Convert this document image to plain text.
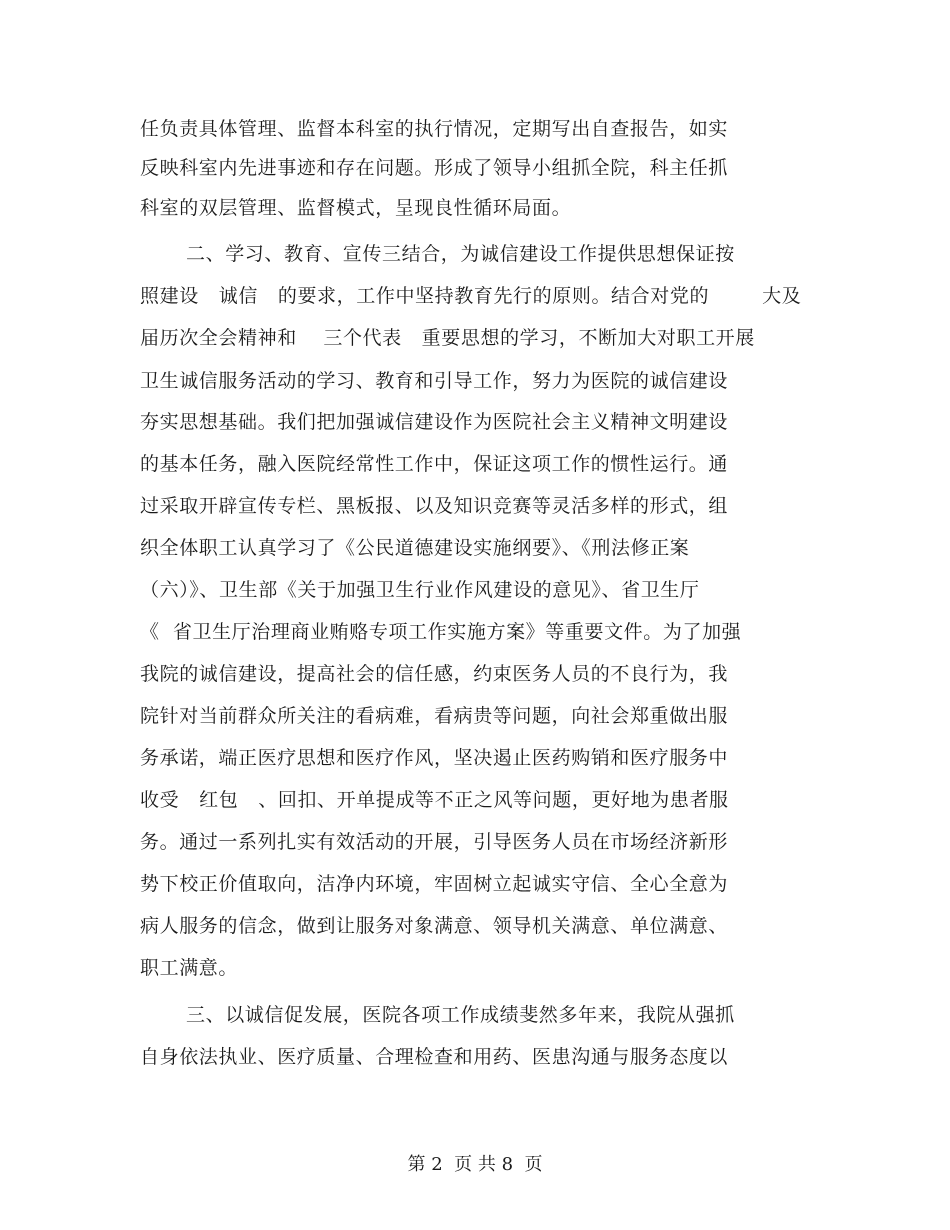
任负责具体管理、监督本科室的执行情况，定期写出自查报告，如实
反映科室内先进事迹和存在问题。形成了领导小组抓全院，科主任抓
科室的双层管理、监督模式，呈现良性循环局面。
二、学习、教育、宣传三结合，为诚信建设工作提供思想保证按
照建设   诚信   的要求，工作中坚持教育先行的原则。结合对党的        大及
届历次全会精神和    三个代表   重要思想的学习，不断加大对职工开展
卫生诚信服务活动的学习、教育和引导工作，努力为医院的诚信建设
夯实思想基础。我们把加强诚信建设作为医院社会主义精神文明建设
的基本任务，融入医院经常性工作中，保证这项工作的惯性运行。通
过采取开辟宣传专栏、黑板报、以及知识竞赛等灵活多样的形式，组
织全体职工认真学习了《公民道德建设实施纲要》、《刑法修正案
（六）》、卫生部《关于加强卫生行业作风建设的意见》、省卫生厅
《  省卫生厅治理商业贿赂专项工作实施方案》等重要文件。为了加强
我院的诚信建设，提高社会的信任感，约束医务人员的不良行为，我
院针对当前群众所关注的看病难，看病贵等问题，向社会郑重做出服
务承诺，端正医疗思想和医疗作风，坚决遏止医药购销和医疗服务中
收受   红包   、回扣、开单提成等不正之风等问题，更好地为患者服
务。通过一系列扎实有效活动的开展，引导医务人员在市场经济新形
势下校正价值取向，洁净内环境，牢固树立起诚实守信、全心全意为
病人服务的信念，做到让服务对象满意、领导机关满意、单位满意、
职工满意。
三、以诚信促发展，医院各项工作成绩斐然多年来，我院从强抓
自身依法执业、医疗质量、合理检查和用药、医患沟通与服务态度以
第 2  页 共 8  页
